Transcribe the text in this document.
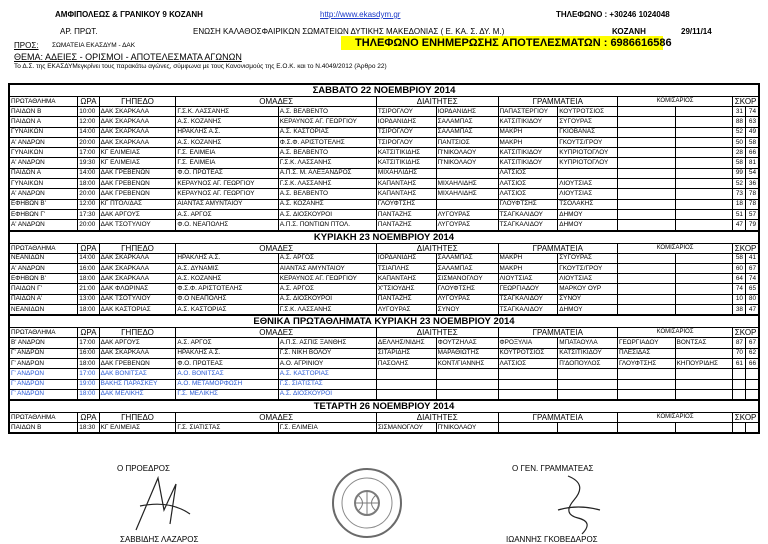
ΑΜΦΙΠΟΛΕΩΣ & ΓΡΑΝΙΚΟΥ 9 ΚΟΖΑΝΗ	http://www.ekasdym.gr	ΤΗΛΕΦΩΝΟ : +30246 1024048
ΑΡ. ΠΡΩΤ.	ΕΝΩΣΗ ΚΑΛΑΘΟΣΦΑΙΡΙΚΩΝ ΣΩΜΑΤΕΙΩΝ ΔΥΤΙΚΗΣ ΜΑΚΕΔΟΝΙΑΣ ( Ε. ΚΑ. Σ. ΔΥ. Μ.)	ΚΟΖΑΝΗ	29/11/14
ΠΡΟΣ: ΣΩΜΑΤΕΙΑ ΕΚΑΣΔΥΜ - ΔΑΚ	ΤΗΛΕΦΩΝΟ ΕΝΗΜΕΡΩΣΗΣ ΑΠΟΤΕΛΕΣΜΑΤΩΝ : 6986616586
ΘΕΜΑ: ΑΔΕΙΕΣ - ΟΡΙΣΜΟΙ - ΑΠΟΤΕΛΕΣΜΑΤΑ ΑΓΩΝΩΝ
Το Δ.Σ. της ΕΚΑΣΔΥΜεγκρίνει τους παρακάτω αγώνες, σύμφωνα με τους Κανονισμούς της Ε.Ο.Κ. και το Ν.4049/2012 (Άρθρο 22)
ΣΑΒΒΑΤΟ 22 ΝΟΕΜΒΡΙΟΥ 2014												
ΠΡΩΤΑΘΛΗΜΑ	ΩΡΑ	ΓΗΠΕΔΟ	ΟΜΑΔΕΣ		ΔΙΑΙΤΗΤΕΣ		ΓΡΑΜΜΑΤΕΙΑ		ΚΟΜΙΣΑΡΙΟΣ		ΣΚΟΡ	
ΠΑΙΔΩΝ Β	10:00	ΔΑΚ ΣΚΑΡΚΑΛΑ	Γ.Σ.Κ. ΛΑΣΣΑΝΗΣ	Α.Σ. ΒΕΛΒΕΝΤΟ	ΤΣΙΡΟΓΛΟΥ	ΙΟΡΔΑΝΙΔΗΣ	ΠΑΠΑΣΤΕΡΓΙΟΥ	ΚΟΥΤΡΟΤΣΙΟΣ			31	74
ΠΑΙΔΩΝ Α	12:00	ΔΑΚ ΣΚΑΡΚΑΛΑ	Α.Σ. ΚΟΖΑΝΗΣ	ΚΕΡΑΥΝΟΣ ΑΓ. ΓΕΩΡΓΙΟΥ	ΙΟΡΔΑΝΙΔΗΣ	ΣΑΛΑΜΠΑΣ	ΚΑΤΣΙΤΙΚΙΔΟΥ	ΣΥΓΟΥΡΑΣ			88	63
ΓΥΝΑΙΚΩΝ	14:00	ΔΑΚ ΣΚΑΡΚΑΛΑ	ΗΡΑΚΛΗΣ Α.Σ.	Α.Σ. ΚΑΣΤΟΡΙΑΣ	ΤΣΙΡΟΓΛΟΥ	ΣΑΛΑΜΠΑΣ	ΜΑΚΡΗ	ΓΚΙΟΒΑΝΑΣ			52	49
Α' ΑΝΔΡΩΝ	20:00	ΔΑΚ ΣΚΑΡΚΑΛΑ	Α.Σ. ΚΟΖΑΝΗΣ	Φ.Σ.Φ. ΑΡΙΣΤΟΤΕΛΗΣ	ΤΣΙΡΟΓΛΟΥ	ΠΑΝΤΣΙΟΣ	ΜΑΚΡΗ	ΓΚΟΥΤΣ/ΓΡΟΥ			50	58
ΓΥΝΑΙΚΩΝ	17:00	ΚΓ ΕΛΙΜΕΙΑΣ	Γ.Σ. ΕΛΙΜΕΙΑ	Α.Σ. ΒΕΛΒΕΝΤΟ	ΚΑΤΣΙΤΙΚΙΔΗΣ	Π'ΝΙΚΟΛΑΟΥ	ΚΑΤΣΙΤΙΚΙΔΟΥ	ΚΥΠΡΙΟΤΟΓΛΟΥ			28	66
Α' ΑΝΔΡΩΝ	19:30	ΚΓ ΕΛΙΜΕΙΑΣ	Γ.Σ. ΕΛΙΜΕΙΑ	Γ.Σ.Κ. ΛΑΣΣΑΝΗΣ	ΚΑΤΣΙΤΙΚΙΔΗΣ	Π'ΝΙΚΟΛΑΟΥ	ΚΑΤΣΙΤΙΚΙΔΟΥ	ΚΥΠΡΙΟΤΟΓΛΟΥ			58	81
ΠΑΙΔΩΝ Α	14:00	ΔΑΚ ΓΡΕΒΕΝΩΝ	Φ.Ο. ΠΡΩΤΕΑΣ	Α.Π.Σ. Μ. ΑΛΕΞΑΝΔΡΟΣ	ΜΙΧΑΗΛΙΔΗΣ		ΛΑΤΣΙΟΣ				99	54
ΓΥΝΑΙΚΩΝ	18:00	ΔΑΚ ΓΡΕΒΕΝΩΝ	ΚΕΡΑΥΝΟΣ ΑΓ. ΓΕΩΡΓΙΟΥ	Γ.Σ.Κ. ΛΑΣΣΑΝΗΣ	ΚΑΠΑΝΤΑΗΣ	ΜΙΧΑΗΛΙΔΗΣ	ΛΑΤΣΙΟΣ	ΛΙΟΥΤΣΙΑΣ			52	36
Α' ΑΝΔΡΩΝ	20:00	ΔΑΚ ΓΡΕΒΕΝΩΝ	ΚΕΡΑΥΝΟΣ ΑΓ. ΓΕΩΡΓΙΟΥ	Α.Σ. ΒΕΛΒΕΝΤΟ	ΚΑΠΑΝΤΑΗΣ	ΜΙΧΑΗΛΙΔΗΣ	ΛΑΤΣΙΟΣ	ΛΙΟΥΤΣΙΑΣ			73	78
ΕΦΗΒΩΝ Β'	12:00	ΚΓ ΠΤΟΛ/ΔΑΣ	ΑΙΑΝΤΑΣ ΑΜΥΝΤΑΙΟΥ	Α.Σ. ΚΟΖΑΝΗΣ	ΓΛΟΥΦΤΣΗΣ		ΓΛΟΥΦΤΣΗΣ	ΤΣΟΛΑΚΗΣ			18	78
ΕΦΗΒΩΝ Γ'	17:30	ΔΑΚ ΑΡΓΟΥΣ	Α.Σ. ΑΡΓΟΣ	Α.Σ. ΔΙΟΣΚΟΥΡΟΙ	ΠΑΝΤΑΖΗΣ	ΛΥΓΟΥΡΑΣ	ΤΣΑΓΚΑΛΙΔΟΥ	ΔΗΜΟΥ			51	57
Α' ΑΝΔΡΩΝ	20:00	ΔΑΚ ΤΣΟΤΥΛΙΟΥ	Φ.Ο. ΝΕΑΠΟΛΗΣ	Α.Π.Σ. ΠΟΝΤΙΩΝ ΠΤΟΛ.	ΠΑΝΤΑΖΗΣ	ΛΥΓΟΥΡΑΣ	ΤΣΑΓΚΑΛΙΔΟΥ	ΔΗΜΟΥ			47	79
ΚΥΡΙΑΚΗ 23 ΝΟΕΜΒΡΙΟΥ 2014												
ΠΡΩΤΑΘΛΗΜΑ	ΩΡΑ	ΓΗΠΕΔΟ	ΟΜΑΔΕΣ		ΔΙΑΙΤΗΤΕΣ		ΓΡΑΜΜΑΤΕΙΑ		ΚΟΜΙΣΑΡΙΟΣ		ΣΚΟΡ	
ΝΕΑΝΙΔΩΝ	14:00	ΔΑΚ ΣΚΑΡΚΑΛΑ	ΗΡΑΚΛΗΣ Α.Σ.	Α.Σ. ΑΡΓΟΣ	ΙΟΡΔΑΝΙΔΗΣ	ΣΑΛΑΜΠΑΣ	ΜΑΚΡΗ	ΣΥΓΟΥΡΑΣ			58	41
Α' ΑΝΔΡΩΝ	16:00	ΔΑΚ ΣΚΑΡΚΑΛΑ	Α.Σ. ΔΥΝΑΜΙΣ	ΑΙΑΝΤΑΣ ΑΜΥΝΤΑΙΟΥ	ΤΣΙΑΠΛΗΣ	ΣΑΛΑΜΠΑΣ	ΜΑΚΡΗ	ΓΚΟΥΤΣ/ΓΡΟΥ			60	67
ΕΦΗΒΩΝ Β'	18:00	ΔΑΚ ΣΚΑΡΚΑΛΑ	Α.Σ. ΚΟΖΑΝΗΣ	ΚΕΡΑΥΝΟΣ ΑΓ. ΓΕΩΡΓΙΟΥ	ΚΑΠΑΝΤΑΗΣ	ΣΙΣΜΑΝΟΓΛΟΥ	ΛΙΟΥΤΣΙΑΣ	ΛΙΟΥΤΣΙΑΣ			64	74
ΠΑΙΔΩΝ Γ'	21:00	ΔΑΚ ΦΛΩΡΙΝΑΣ	Φ.Σ.Φ. ΑΡΙΣΤΟΤΕΛΗΣ	Α.Σ. ΑΡΓΟΣ	Χ'ΤΣΙΟΥΔΗΣ	ΓΛΟΥΦΤΣΗΣ	ΓΕΩΡΓΙΑΔΟΥ	ΜΑΡΚΟΥ ΟΥΡ			74	65
ΠΑΙΔΩΝ Α'	13:00	ΔΑΚ ΤΣΟΤΥΛΙΟΥ	Φ.Ο ΝΕΑΠΟΛΗΣ	Α.Σ. ΔΙΟΣΚΟΥΡΟΙ	ΠΑΝΤΑΖΗΣ	ΛΥΓΟΥΡΑΣ	ΤΣΑΓΚΑΛΙΔΟΥ	ΣΥΝΟΥ			10	80
ΝΕΑΝΙΔΩΝ	18:00	ΔΑΚ ΚΑΣΤΟΡΙΑΣ	Α.Σ. ΚΑΣΤΟΡΙΑΣ	Γ.Σ.Κ. ΛΑΣΣΑΝΗΣ	ΛΥΓΟΥΡΑΣ	ΣΥΝΟΥ	ΤΣΑΓΚΑΛΙΔΟΥ	ΔΗΜΟΥ			38	47
ΕΘΝΙΚΑ ΠΡΩΤΑΘΛΗΜΑΤΑ ΚΥΡΙΑΚΗ 23 ΝΟΕΜΒΡΙΟΥ 2014												
ΠΡΩΤΑΘΛΗΜΑ	ΩΡΑ	ΓΗΠΕΔΟ	ΟΜΑΔΕΣ		ΔΙΑΙΤΗΤΕΣ		ΓΡΑΜΜΑΤΕΙΑ		ΚΟΜΙΣΑΡΙΟΣ		ΣΚΟΡ	
Β' ΑΝΔΡΩΝ	17:00	ΔΑΚ ΑΡΓΟΥΣ	Α.Σ. ΑΡΓΟΣ	Α.Π.Σ. ΑΣΠΙΣ ΞΑΝΘΗΣ	ΔΕΛΛΗΣ/ΝΙΔΗΣ	ΦΟΥΤΖΗΛΑΣ	ΦΡΟΞΥΛΙΑ	ΜΠΑΤΑΟΥΛΑ	ΓΕΩΡΓΙΑΔΟΥ	ΒΟΝΤΣΑΣ	87	67
Γ' ΑΝΔΡΩΝ	16:00	ΔΑΚ ΣΚΑΡΚΑΛΑ	ΗΡΑΚΛΗΣ Α.Σ.	Γ.Σ. ΝΙΚΗ ΒΟΛΟΥ	ΣΙΤΑΡΙΔΗΣ	ΜΑΡΑΘΙΩΤΗΣ	ΚΟΥΤΡΟΤΣΙΟΣ	ΚΑΤΣΙΤΙΚΙΔΟΥ	ΠΛΕΣΙΔΑΣ		70	62
Γ' ΑΝΔΡΩΝ	18:00	ΔΑΚ ΓΡΕΒΕΝΩΝ	Φ.Ο. ΠΡΩΤΕΑΣ	Α.Ο. ΑΓΡΙΝΙΟΥ	ΠΑΣΟΛΗΣ	ΚΟΝΤ/ΓΙΑΝΝΗΣ	ΛΑΤΣΙΟΣ	Π'ΔΟΠΟΥΛΟΣ	ΓΛΟΥΦΤΣΗΣ	ΚΗΠΟΥΡΙΔΗΣ	61	66
Γ' ΑΝΔΡΩΝ	17:00	ΔΑΚ ΒΟΝΙΤΣΑΣ	Α.Ο. ΒΟΝΙΤΣΑΣ	Α.Σ. ΚΑΣΤΟΡΙΑΣ								
Γ' ΑΝΔΡΩΝ	19:00	ΒΑΚΗΣ ΠΑΡΑΣΚΕΥ	Α.Ο. ΜΕΤΑΜΟΡΦΩΣΗ	Γ.Σ. ΣΙΑΤΙΣΤΑΣ								
Γ' ΑΝΔΡΩΝ	18:00	ΔΑΚ ΜΕΛΙΚΗΣ	Γ.Σ. ΜΕΛΙΚΗΣ	Α.Σ. ΔΙΟΣΚΟΥΡΟΙ								
ΤΕΤΑΡΤΗ 26 ΝΟΕΜΒΡΙΟΥ 2014												
ΠΡΩΤΑΘΛΗΜΑ	ΩΡΑ	ΓΗΠΕΔΟ	ΟΜΑΔΕΣ		ΔΙΑΙΤΗΤΕΣ		ΓΡΑΜΜΑΤΕΙΑ		ΚΟΜΙΣΑΡΙΟΣ		ΣΚΟΡ	
ΠΑΙΔΩΝ Β	18:30	ΚΓ ΕΛΙΜΕΙΑΣ	Γ.Σ. ΣΙΑΤΙΣΤΑΣ	Γ.Σ. ΕΛΙΜΕΙΑ	ΣΙΣΜΑΝΟΓΛΟΥ	Π'ΝΙΚΟΛΑΟΥ						
Ο ΠΡΟΕΔΡΟΣ
ΣΑΒΒΙΔΗΣ ΛΑΖΑΡΟΣ
Ο ΓΕΝ. ΓΡΑΜΜΑΤΕΑΣ
ΙΩΑΝΝΗΣ ΓΚΟΒΕΔΑΡΟΣ
